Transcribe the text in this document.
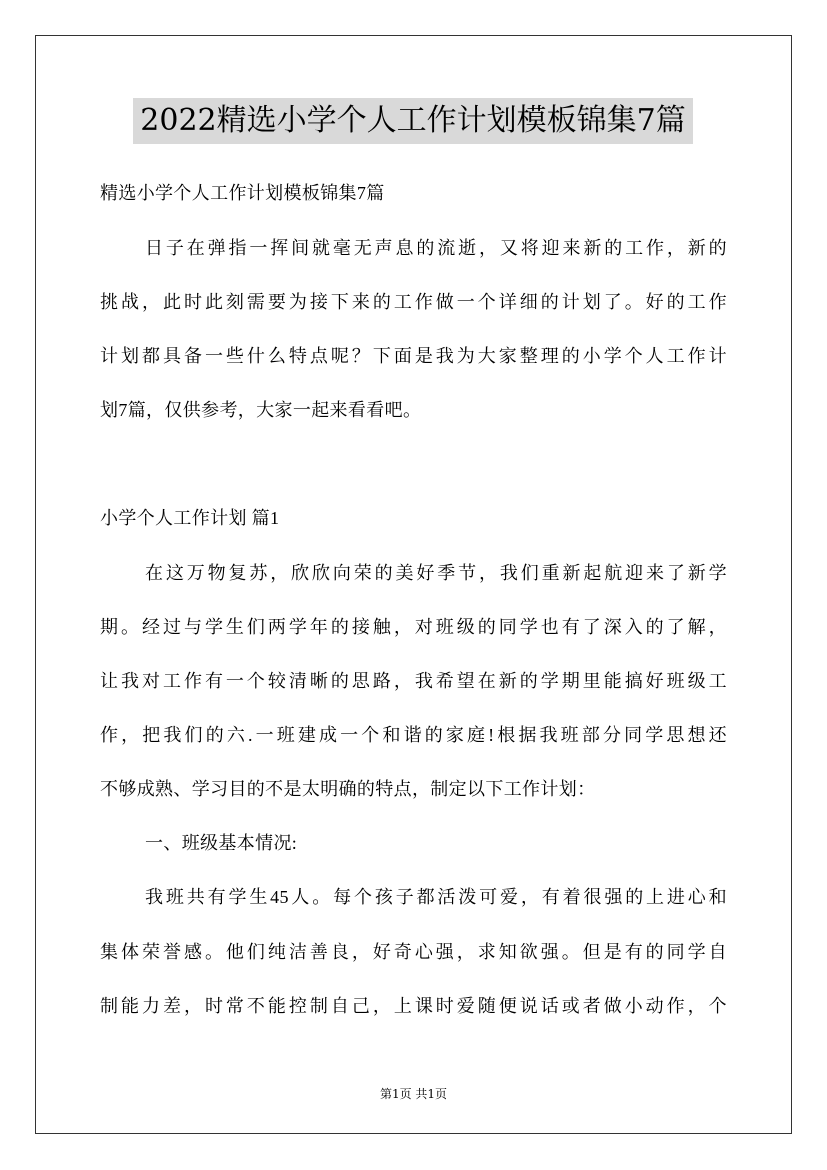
2022精选小学个人工作计划模板锦集7篇
精选小学个人工作计划模板锦集7篇
日子在弹指一挥间就毫无声息的流逝，又将迎来新的工作，新的
挑战，此时此刻需要为接下来的工作做一个详细的计划了。好的工作
计划都具备一些什么特点呢？下面是我为大家整理的小学个人工作计
划7篇，仅供参考，大家一起来看看吧。
小学个人工作计划 篇1
在这万物复苏，欣欣向荣的美好季节，我们重新起航迎来了新学
期。经过与学生们两学年的接触，对班级的同学也有了深入的了解，
让我对工作有一个较清晰的思路，我希望在新的学期里能搞好班级工
作，把我们的六.一班建成一个和谐的家庭!根据我班部分同学思想还
不够成熟、学习目的不是太明确的特点，制定以下工作计划：
一、班级基本情况:
我班共有学生45人。每个孩子都活泼可爱，有着很强的上进心和
集体荣誉感。他们纯洁善良，好奇心强，求知欲强。但是有的同学自
制能力差，时常不能控制自己，上课时爱随便说话或者做小动作，个
第1页 共1页
